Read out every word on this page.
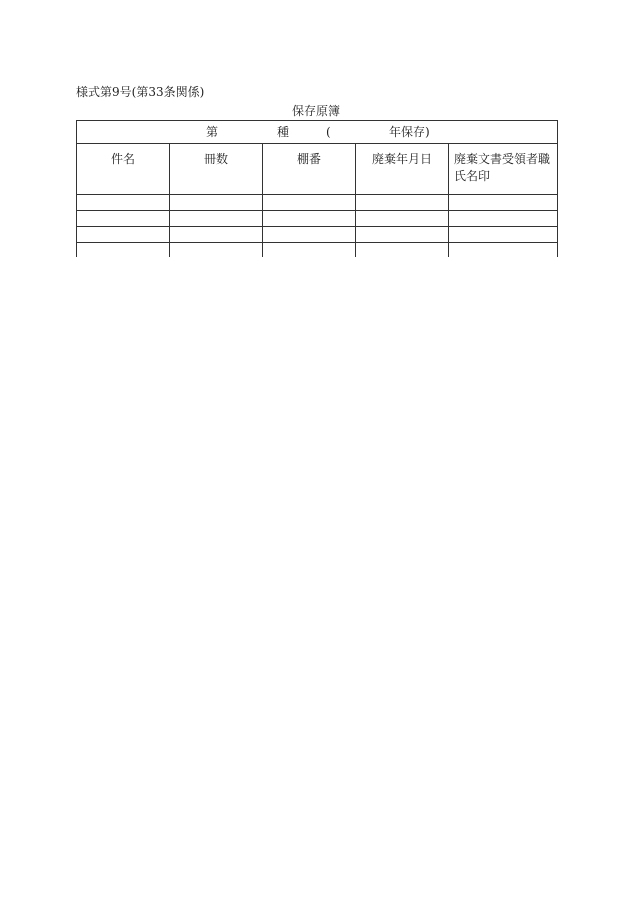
様式第9号(第33条関係)
保存原簿
第 種 ( 年保存)				

件名	冊数	棚番	廃棄年月日	廃棄文書受領者職氏名印
